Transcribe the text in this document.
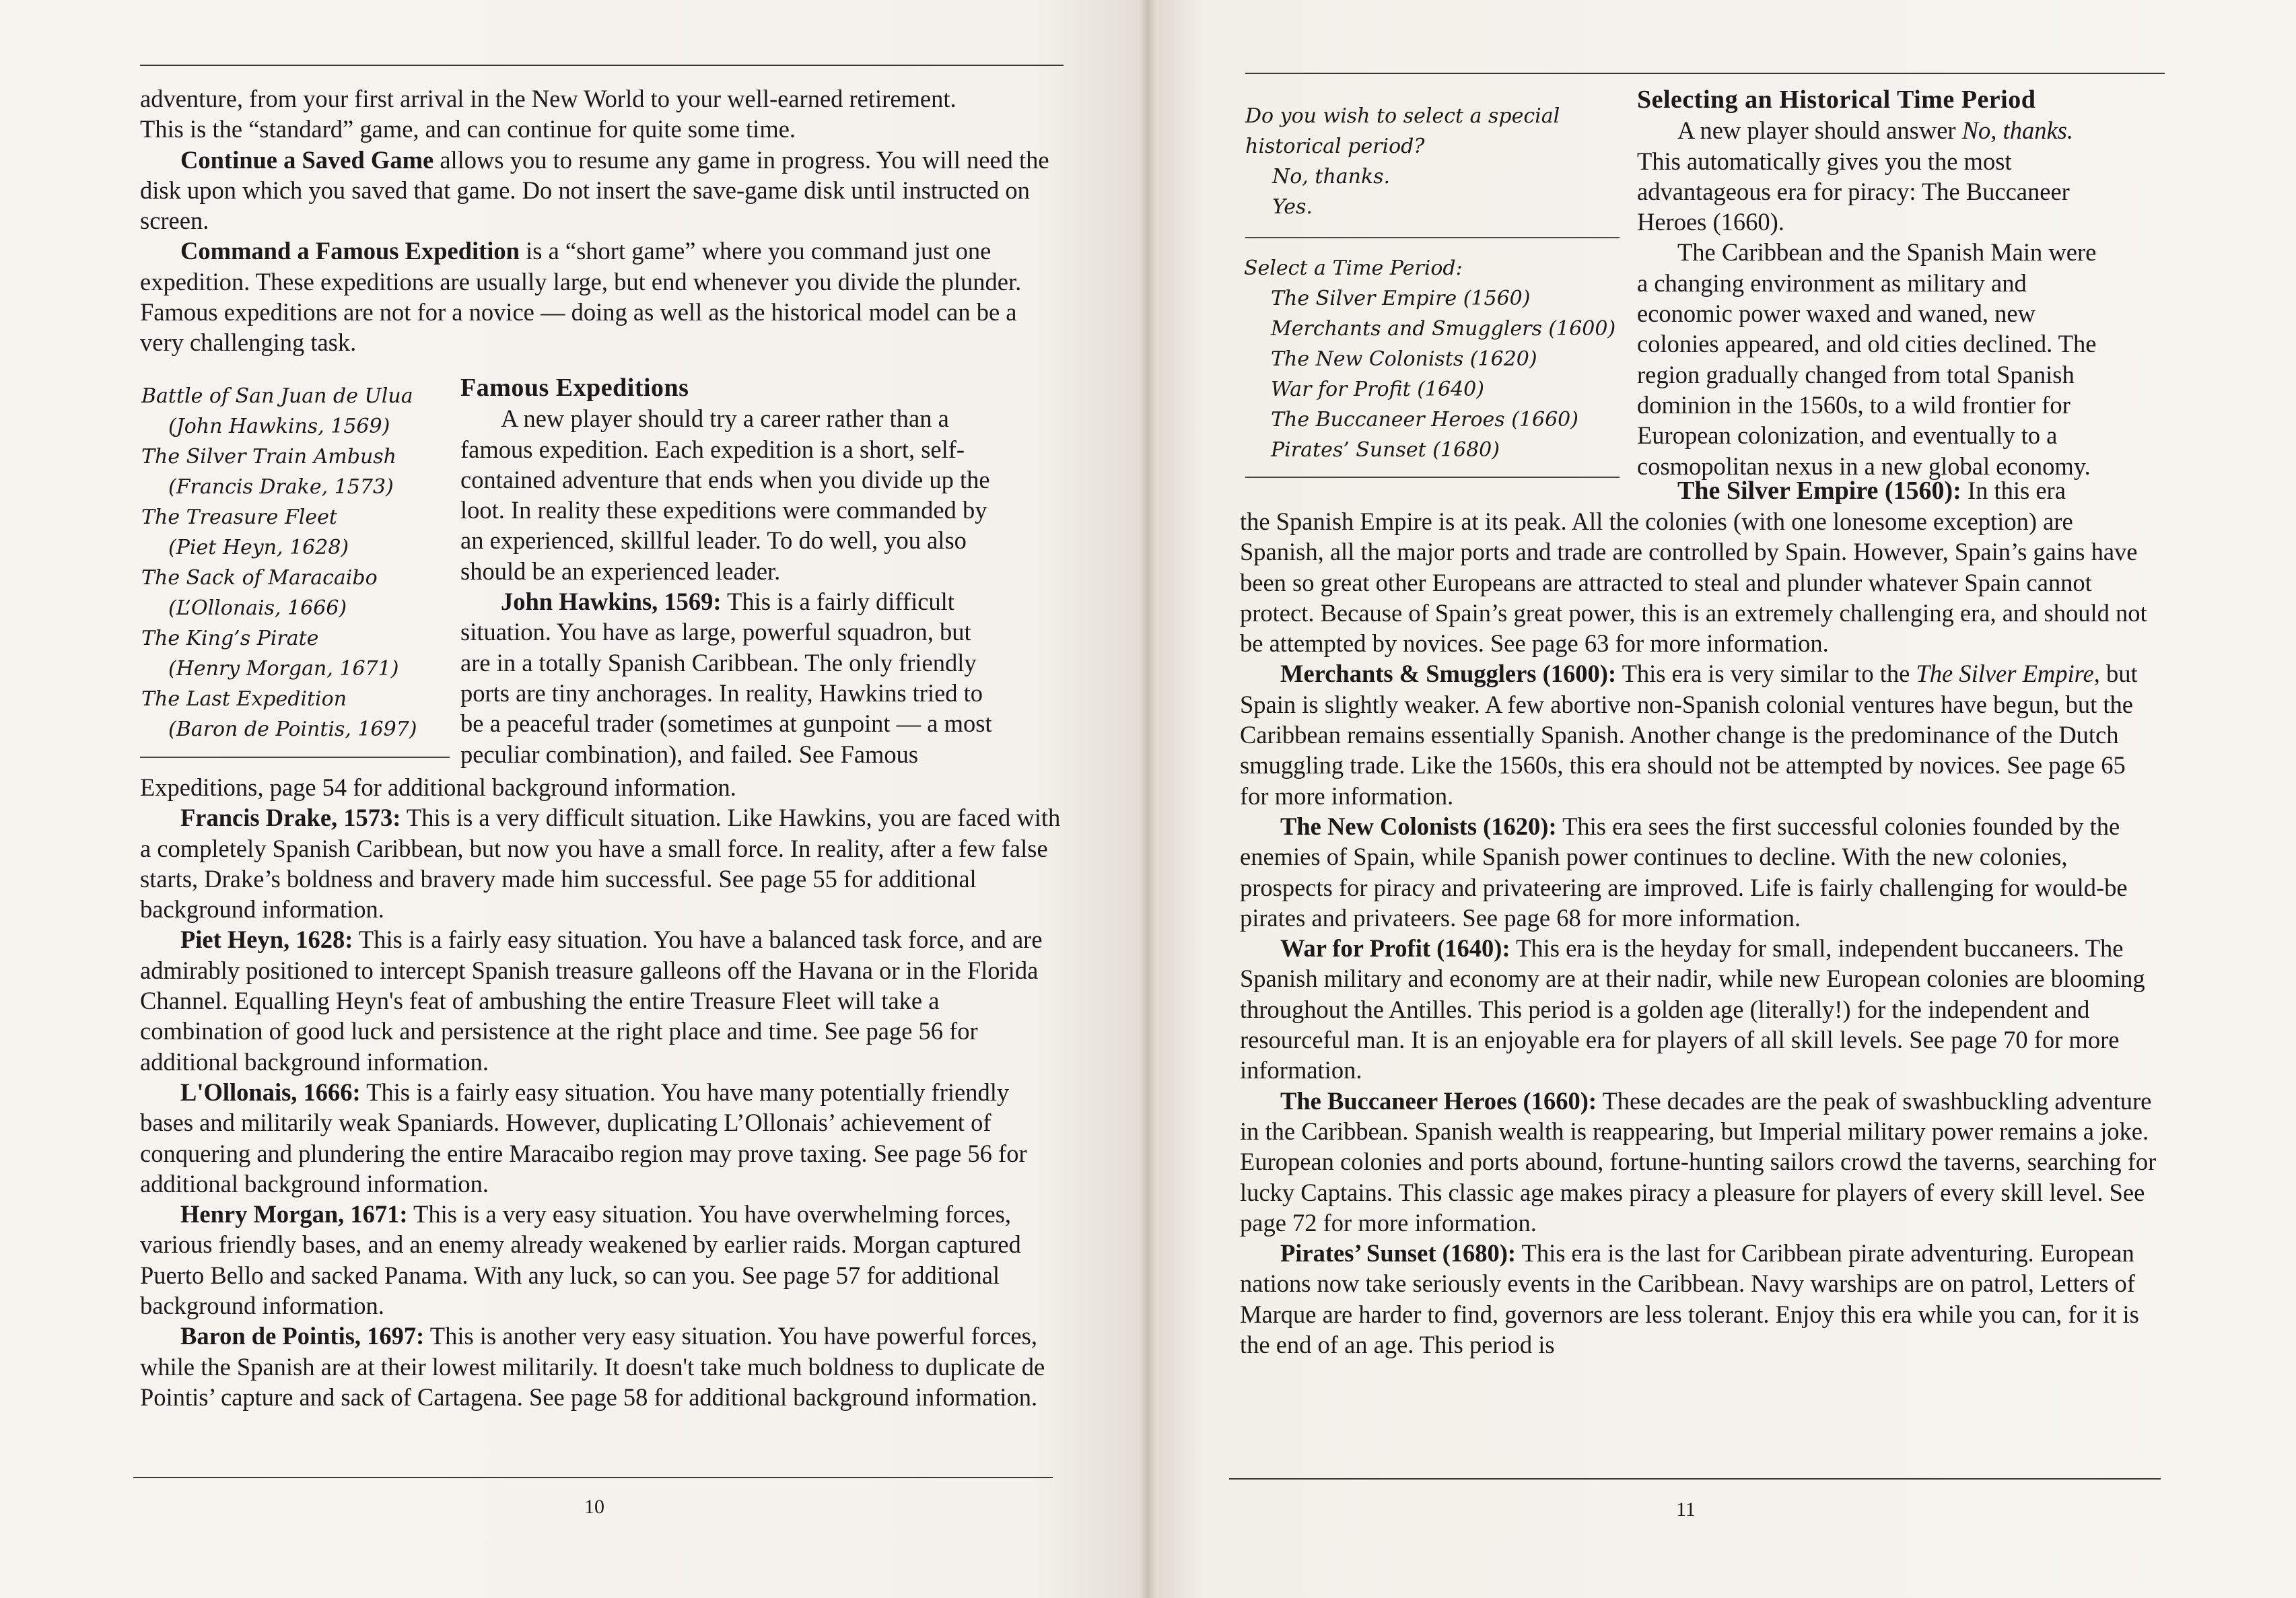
adventure, from your first arrival in the New World to your well-earned retirement.
This is the “standard” game, and can continue for quite some time.

Continue a Saved Game allows you to resume any game in progress. You will need the disk upon which you saved that game. Do not insert the save-game disk until instructed on screen.

Command a Famous Expedition is a “short game” where you command just one expedition. These expeditions are usually large, but end whenever you divide the plunder. Famous expeditions are not for a novice — doing as well as the historical model can be a very challenging task.

Battle of San Juan de Ulua
(John Hawkins, 1569)
The Silver Train Ambush
(Francis Drake, 1573)
The Treasure Fleet
(Piet Heyn, 1628)
The Sack of Maracaibo
(L’Ollonais, 1666)
The King’s Pirate
(Henry Morgan, 1671)
The Last Expedition
(Baron de Pointis, 1697)
Famous Expeditions
A new player should try a career rather than a
famous expedition. Each expedition is a short, self-
contained adventure that ends when you divide up the
loot. In reality these expeditions were commanded by
an experienced, skillful leader. To do well, you also
should be an experienced leader.
John Hawkins, 1569: This is a fairly difficult
situation. You have as large, powerful squadron, but
are in a totally Spanish Caribbean. The only friendly
ports are tiny anchorages. In reality, Hawkins tried to
be a peaceful trader (sometimes at gunpoint — a most
peculiar combination), and failed. See Famous
Expeditions, page 54 for additional background information.

Francis Drake, 1573: This is a very difficult situation. Like Hawkins, you are faced with a completely Spanish Caribbean, but now you have a small force. In reality, after a few false starts, Drake’s boldness and bravery made him successful. See page 55 for additional background information.

Piet Heyn, 1628: This is a fairly easy situation. You have a balanced task force, and are admirably positioned to intercept Spanish treasure galleons off the Havana or in the Florida Channel. Equalling Heyn's feat of ambushing the entire Treasure Fleet will take a combination of good luck and persistence at the right place and time. See page 56 for additional background information.

L'Ollonais, 1666: This is a fairly easy situation. You have many potentially friendly bases and militarily weak Spaniards. However, duplicating L’Ollonais’ achievement of conquering and plundering the entire Maracaibo region may prove taxing. See page 56 for additional background information.

Henry Morgan, 1671: This is a very easy situation. You have overwhelming forces, various friendly bases, and an enemy already weakened by earlier raids. Morgan captured Puerto Bello and sacked Panama. With any luck, so can you. See page 57 for additional background information.

Baron de Pointis, 1697: This is another very easy situation. You have powerful forces, while the Spanish are at their lowest militarily. It doesn't take much boldness to duplicate de Pointis’ capture and sack of Cartagena. See page 58 for additional background information.

10
Do you wish to select a special
historical period?
No, thanks.
Yes.
Select a Time Period:
The Silver Empire (1560)
Merchants and Smugglers (1600)
The New Colonists (1620)
War for Profit (1640)
The Buccaneer Heroes (1660)
Pirates’ Sunset (1680)
Selecting an Historical Time Period
A new player should answer No, thanks.
This automatically gives you the most
advantageous era for piracy: The Buccaneer
Heroes (1660).
The Caribbean and the Spanish Main were
a changing environment as military and
economic power waxed and waned, new
colonies appeared, and old cities declined. The
region gradually changed from total Spanish
dominion in the 1560s, to a wild frontier for
European colonization, and eventually to a
cosmopolitan nexus in a new global economy.
The Silver Empire (1560): In this era
the Spanish Empire is at its peak. All the colonies (with one lonesome exception) are Spanish, all the major ports and trade are controlled by Spain. However, Spain’s gains have been so great other Europeans are attracted to steal and plunder whatever Spain cannot protect. Because of Spain’s great power, this is an extremely challenging era, and should not be attempted by novices. See page 63 for more information.

Merchants & Smugglers (1600): This era is very similar to the The Silver Empire, but Spain is slightly weaker. A few abortive non-Spanish colonial ventures have begun, but the Caribbean remains essentially Spanish. Another change is the predominance of the Dutch smuggling trade. Like the 1560s, this era should not be attempted by novices. See page 65 for more information.

The New Colonists (1620): This era sees the first successful colonies founded by the enemies of Spain, while Spanish power continues to decline. With the new colonies, prospects for piracy and privateering are improved. Life is fairly challenging for would-be pirates and privateers. See page 68 for more information.

War for Profit (1640): This era is the heyday for small, independent buccaneers. The Spanish military and economy are at their nadir, while new European colonies are blooming throughout the Antilles. This period is a golden age (literally!) for the independent and resourceful man. It is an enjoyable era for players of all skill levels. See page 70 for more information.

The Buccaneer Heroes (1660): These decades are the peak of swashbuckling adventure in the Caribbean. Spanish wealth is reappearing, but Imperial military power remains a joke. European colonies and ports abound, fortune-hunting sailors crowd the taverns, searching for lucky Captains. This classic age makes piracy a pleasure for players of every skill level. See page 72 for more information.

Pirates’ Sunset (1680): This era is the last for Caribbean pirate adventuring. European nations now take seriously events in the Caribbean. Navy warships are on patrol, Letters of Marque are harder to find, governors are less tolerant. Enjoy this era while you can, for it is the end of an age. This period is

11
